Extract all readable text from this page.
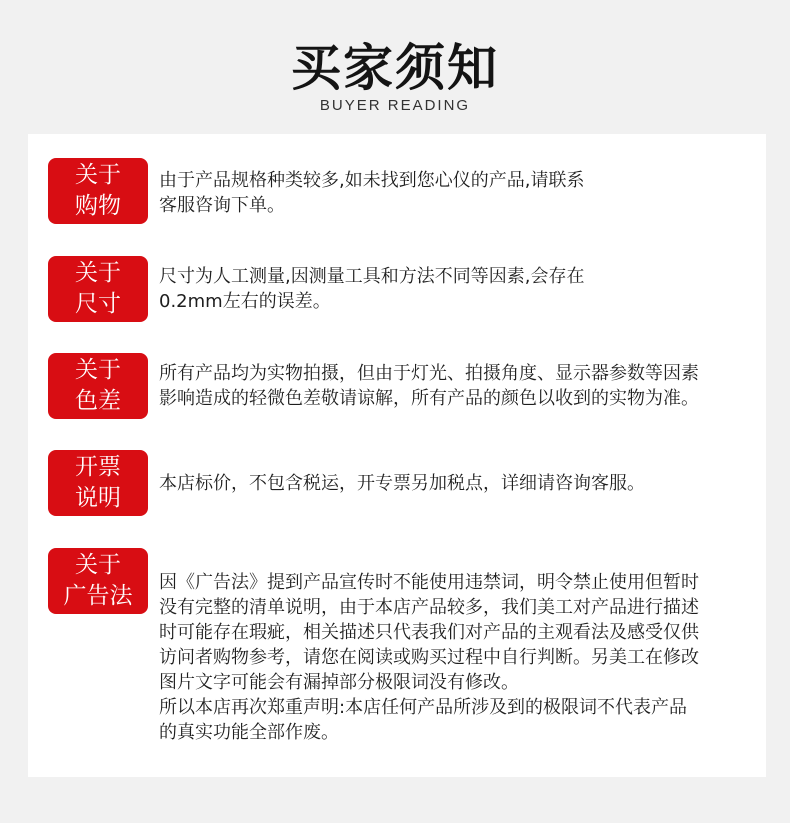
买家须知
BUYER READING
关于
购物

由于产品规格种类较多,如未找到您心仪的产品,请联系

客服咨询下单。

关于
尺寸

尺寸为人工测量,因测量工具和方法不同等因素,会存在

0.2mm左右的误差。

关于
色差

所有产品均为实物拍摄，但由于灯光、拍摄角度、显示器参数等因素

影响造成的轻微色差敬请谅解，所有产品的颜色以收到的实物为准。

开票
说明

本店标价，不包含税运，开专票另加税点，详细请咨询客服。

关于
广告法

因《广告法》提到产品宣传时不能使用违禁词，明令禁止使用但暂时

没有完整的清单说明，由于本店产品较多，我们美工对产品进行描述

时可能存在瑕疵，相关描述只代表我们对产品的主观看法及感受仅供

访问者购物参考，请您在阅读或购买过程中自行判断。另美工在修改

图片文字可能会有漏掉部分极限词没有修改。

所以本店再次郑重声明:本店任何产品所涉及到的极限词不代表产品

的真实功能全部作废。
